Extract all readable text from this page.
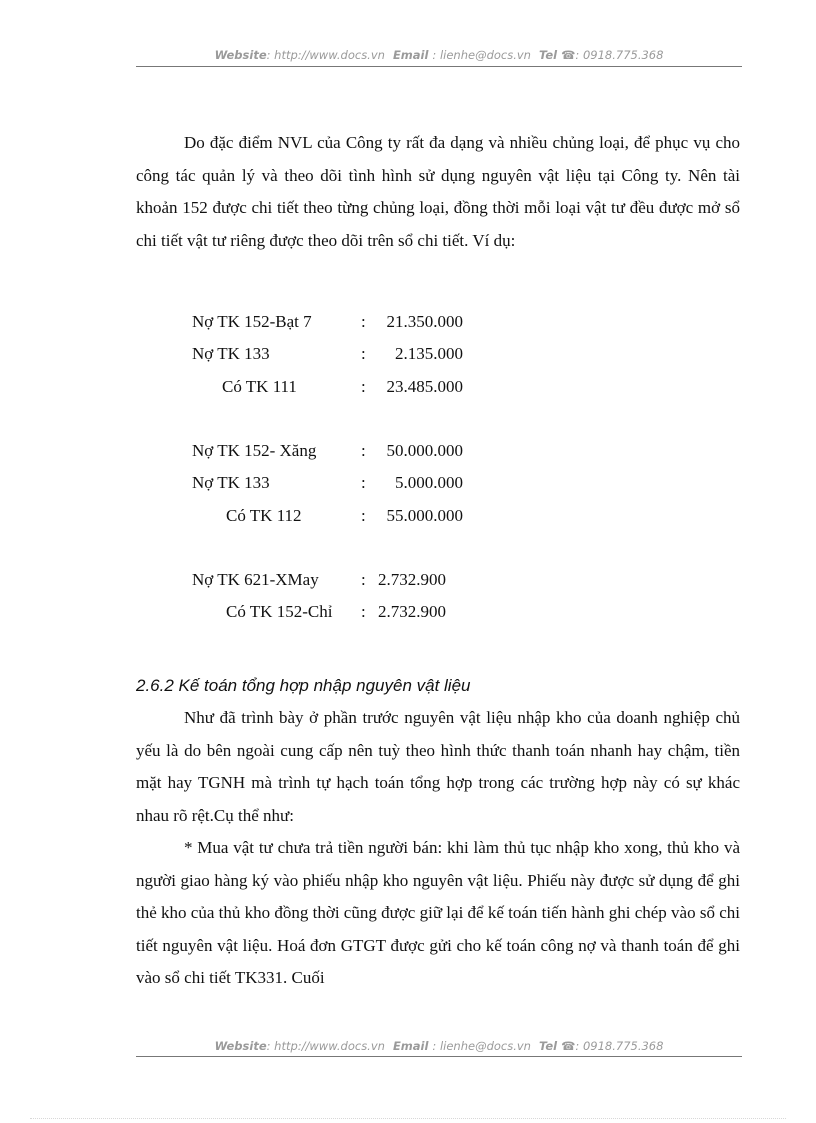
Website: http://www.docs.vn Email : lienhe@docs.vn Tel ☎: 0918.775.368

Do đặc điểm NVL của Công ty rất đa dạng và nhiều chủng loại, để phục vụ cho công tác quản lý và theo dõi tình hình sử dụng nguyên vật liệu tại Công ty. Nên tài khoản 152 được chi tiết theo từng chủng loại, đồng thời mỗi loại vật tư đều được mở sổ chi tiết vật tư riêng được theo dõi trên sổ chi tiết. Ví dụ:

Nợ TK 152-Bạt 7	:	21.350.000
Nợ TK 133	:	2.135.000
Có TK 111	:	23.485.000
Nợ TK 152- Xăng	:	50.000.000
Nợ TK 133	:	5.000.000
Có TK 112	:	55.000.000
Nợ TK 621-XMay : 2.732.900
Có TK 152-Chỉ : 2.732.900
2.6.2 Kế toán tổng hợp nhập nguyên vật liệu

Như đã trình bày ở phần trước nguyên vật liệu nhập kho của doanh nghiệp chủ yếu là do bên ngoài cung cấp nên tuỳ theo hình thức thanh toán nhanh hay chậm, tiền mặt hay TGNH mà trình tự hạch toán tổng hợp trong các trường hợp này có sự khác nhau rõ rệt.Cụ thể như:

* Mua vật tư chưa trả tiền người bán: khi làm thủ tục nhập kho xong, thủ kho và người giao hàng ký vào phiếu nhập kho nguyên vật liệu. Phiếu này được sử dụng để ghi thẻ kho của thủ kho đồng thời cũng được giữ lại để kế toán tiến hành ghi chép vào sổ chi tiết nguyên vật liệu. Hoá đơn GTGT được gửi cho kế toán công nợ và thanh toán để ghi vào sổ chi tiết TK331. Cuối

Website: http://www.docs.vn Email : lienhe@docs.vn Tel ☎: 0918.775.368
